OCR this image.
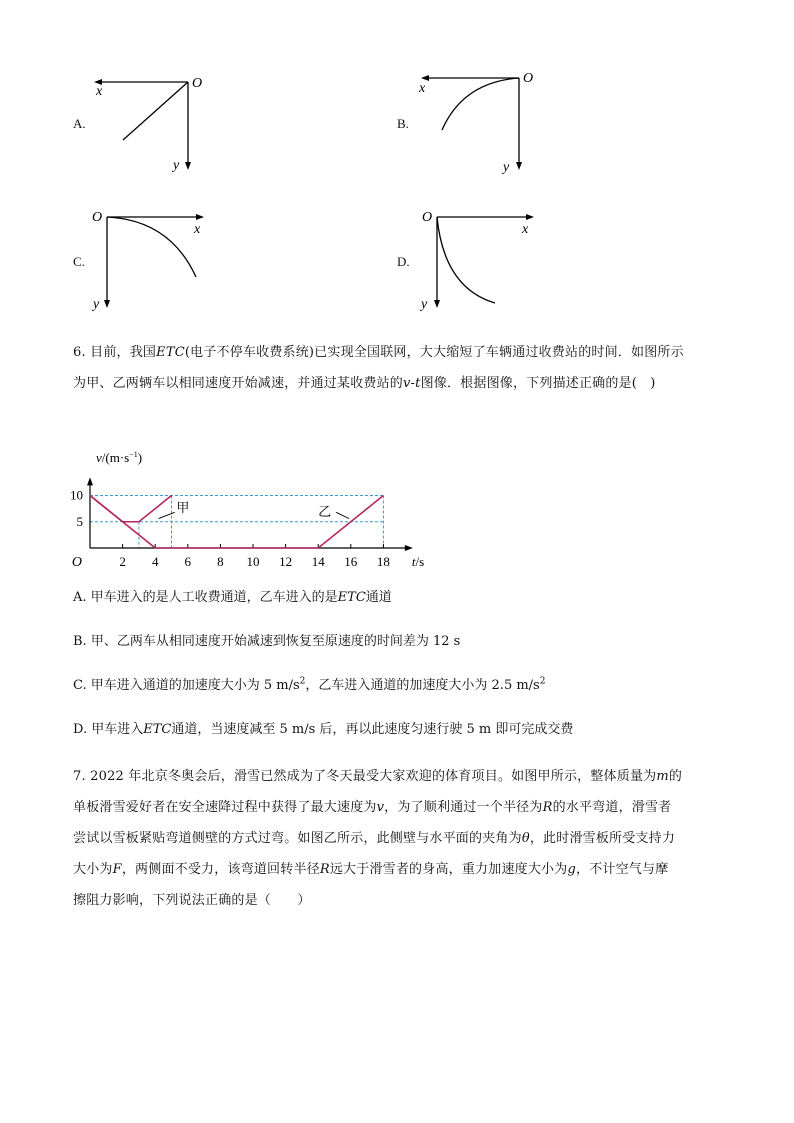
A.
O
x
y
B.
O
x
y
C.
O
x
y
D.
O
x
y
6. 目前，我国ETC(电子不停车收费系统)已实现全国联网，大大缩短了车辆通过收费站的时间．如图所示
为甲、乙两辆车以相同速度开始减速，并通过某收费站的v-t图像．根据图像，下列描述正确的是(　)
2 4 6 8 10 12 14 16 18
5
10
甲	乙
$v/(m\cdot s^{-1})$
t/s
O
A. 甲车进入的是人工收费通道，乙车进入的是ETC通道
B. 甲、乙两车从相同速度开始减速到恢复至原速度的时间差为 12 s
C. 甲车进入通道的加速度大小为 5 $m/s^2$，乙车进入通道的加速度大小为 2.5 $m/s^2$
D. 甲车进入ETC通道，当速度减至 5 m/s 后，再以此速度匀速行驶 5 m 即可完成交费
7. 2022 年北京冬奥会后，滑雪已然成为了冬天最受大家欢迎的体育项目。如图甲所示，整体质量为m的
单板滑雪爱好者在安全速降过程中获得了最大速度为v，为了顺利通过一个半径为R的水平弯道，滑雪者
尝试以雪板紧贴弯道侧壁的方式过弯。如图乙所示，此侧壁与水平面的夹角为θ，此时滑雪板所受支持力
大小为F，两侧面不受力，该弯道回转半径R远大于滑雪者的身高，重力加速度大小为g，不计空气与摩
擦阻力影响，下列说法正确的是（　　）
